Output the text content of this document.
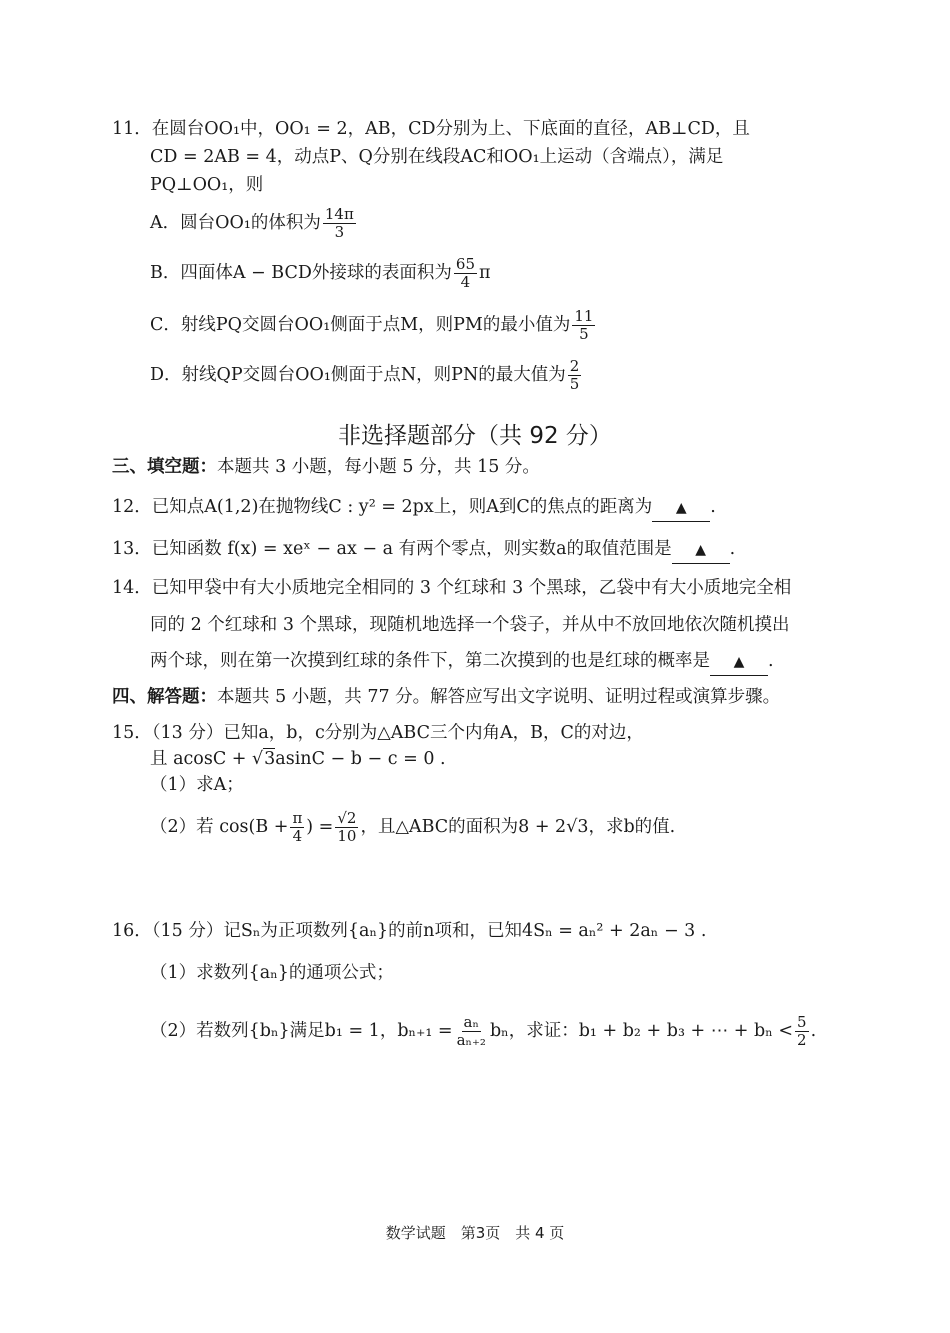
11．在圆台OO₁中，OO₁ = 2，AB，CD分别为上、下底面的直径，AB⊥CD，且
CD = 2AB = 4，动点P、Q分别在线段AC和OO₁上运动（含端点），满足
PQ⊥OO₁，则
A．圆台OO₁的体积为 $\frac{14\pi}{3}$
B．四面体A − BCD外接球的表面积为 $\frac{65}{4}$ π
C．射线PQ交圆台OO₁侧面于点M，则PM的最小值为 $\frac{11}{5}$
D．射线QP交圆台OO₁侧面于点N，则PN的最大值为 $\frac{2}{5}$
非选择题部分（共 92 分）
三、填空题：本题共 3 小题，每小题 5 分，共 15 分。
12．已知点A(1,2)在抛物线C : y² = 2px上，则A到C的焦点的距离为 ▲ .
13．已知函数 f(x) = xeˣ − ax − a 有两个零点，则实数a的取值范围是 ▲ .
14．已知甲袋中有大小质地完全相同的 3 个红球和 3 个黑球，乙袋中有大小质地完全相
同的 2 个红球和 3 个黑球，现随机地选择一个袋子，并从中不放回地依次随机摸出
两个球，则在第一次摸到红球的条件下，第二次摸到的也是红球的概率是 ▲ .
四、解答题：本题共 5 小题，共 77 分。解答应写出文字说明、证明过程或演算步骤。
15．（13 分）已知a，b，c分别为△ABC三个内角A，B，C的对边，
且 acosC + √3asinC − b − c = 0 .
（1）求A；
（2）若 $\cos(B + \frac{\pi}{4}$ ) = $\frac{√2}{10}$ ，且△ABC的面积为8 + 2√3，求b的值.
16．（15 分）记Sₙ为正项数列{aₙ}的前n项和，已知4Sₙ = aₙ² + 2aₙ − 3 .
（1）求数列{aₙ}的通项公式；
（2）若数列{bₙ}满足b₁ = 1，$b_{n+1} = \frac{\text{aₙ}}{\text{aₙ₊₂}}$ bₙ，求证：b₁ + b₂ + b₃ + ⋯ + $b_n < \frac{5}{2}$ .
数学试题　第3页　共 4 页
